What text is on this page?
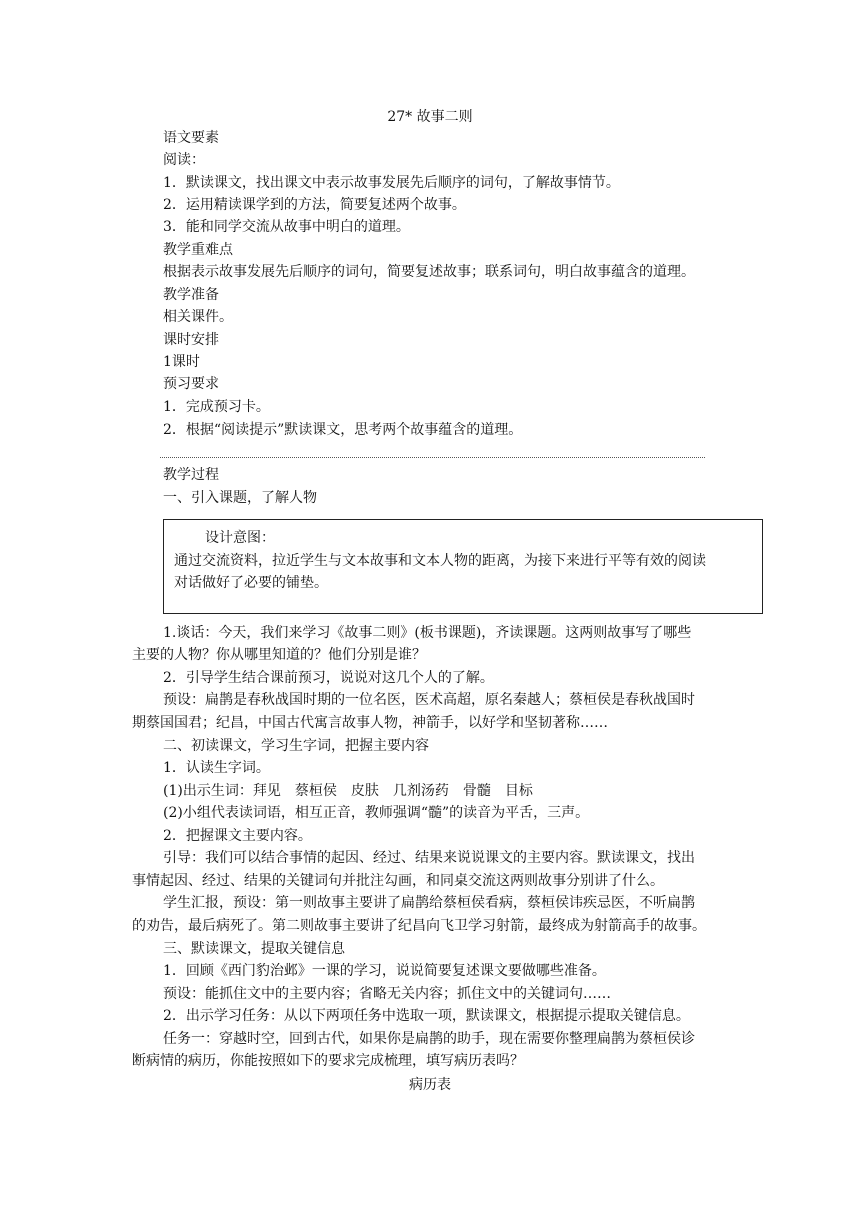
27* 故事二则
语文要素
阅读：
1．默读课文，找出课文中表示故事发展先后顺序的词句，了解故事情节。
2．运用精读课学到的方法，简要复述两个故事。
3．能和同学交流从故事中明白的道理。
教学重难点
根据表示故事发展先后顺序的词句，简要复述故事；联系词句，明白故事蕴含的道理。
教学准备
相关课件。
课时安排
1课时
预习要求
1．完成预习卡。
2．根据“阅读提示”默读课文，思考两个故事蕴含的道理。
教学过程
一、引入课题，了解人物
设计意图：
通过交流资料，拉近学生与文本故事和文本人物的距离，为接下来进行平等有效的阅读
对话做好了必要的铺垫。
1.谈话：今天，我们来学习《故事二则》(板书课题)，齐读课题。这两则故事写了哪些
主要的人物？你从哪里知道的？他们分别是谁？
2．引导学生结合课前预习，说说对这几个人的了解。
预设：扁鹊是春秋战国时期的一位名医，医术高超，原名秦越人；蔡桓侯是春秋战国时
期蔡国国君；纪昌，中国古代寓言故事人物，神箭手，以好学和坚韧著称……
二、初读课文，学习生字词，把握主要内容
1．认读生字词。
(1)出示生词：拜见　蔡桓侯　皮肤　几剂汤药　骨髓　目标
(2)小组代表读词语，相互正音，教师强调“髓”的读音为平舌，三声。
2．把握课文主要内容。
引导：我们可以结合事情的起因、经过、结果来说说课文的主要内容。默读课文，找出
事情起因、经过、结果的关键词句并批注勾画，和同桌交流这两则故事分别讲了什么。
学生汇报，预设：第一则故事主要讲了扁鹊给蔡桓侯看病，蔡桓侯讳疾忌医，不听扁鹊
的劝告，最后病死了。第二则故事主要讲了纪昌向飞卫学习射箭，最终成为射箭高手的故事。
三、默读课文，提取关键信息
1．回顾《西门豹治邺》一课的学习，说说简要复述课文要做哪些准备。
预设：能抓住文中的主要内容；省略无关内容；抓住文中的关键词句……
2．出示学习任务：从以下两项任务中选取一项，默读课文，根据提示提取关键信息。
任务一：穿越时空，回到古代，如果你是扁鹊的助手，现在需要你整理扁鹊为蔡桓侯诊
断病情的病历，你能按照如下的要求完成梳理，填写病历表吗？
病历表
